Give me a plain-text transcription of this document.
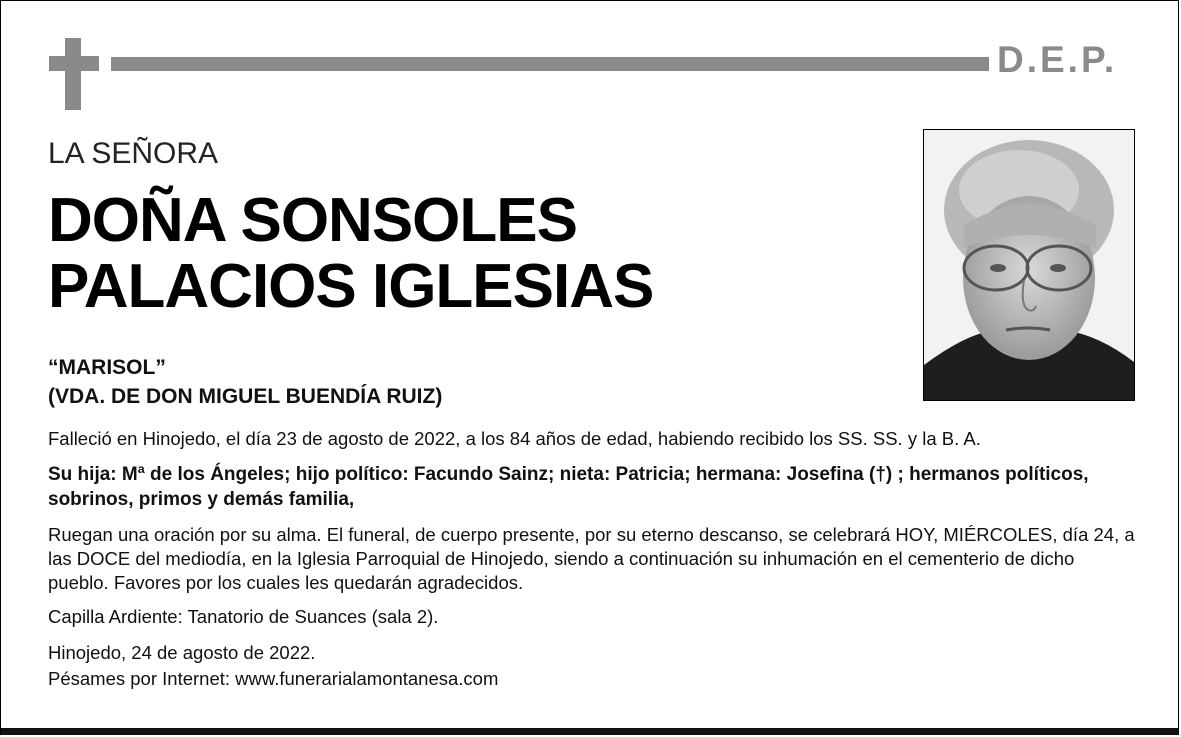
D.E.P.
LA SEÑORA
DOÑA SONSOLES
PALACIOS IGLESIAS
“MARISOL”
(VDA. DE DON MIGUEL BUENDÍA RUIZ)
Falleció en Hinojedo, el día 23 de agosto de 2022, a los 84 años de edad, habiendo recibido los SS. SS. y la B. A.
Su hija: Mª de los Ángeles; hijo político: Facundo Sainz; nieta: Patricia; hermana: Josefina (†) ; hermanos políticos, sobrinos, primos y demás familia,
Ruegan una oración por su alma. El funeral, de cuerpo presente, por su eterno descanso, se celebrará HOY, MIÉRCOLES, día 24, a las DOCE del mediodía, en la Iglesia Parroquial de Hinojedo, siendo a continuación su inhumación en el cementerio de dicho pueblo. Favores por los cuales les quedarán agradecidos.
Capilla Ardiente: Tanatorio de Suances (sala 2).
Hinojedo, 24 de agosto de 2022.
Pésames por Internet: www.funerarialamontanesa.com
